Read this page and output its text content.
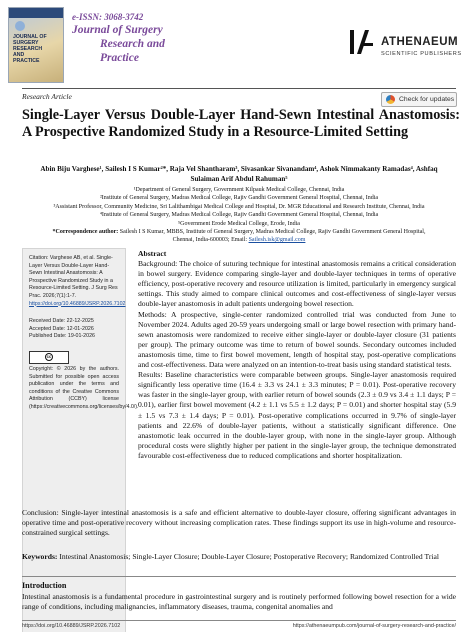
JOURNAL OF
SURGERY
RESEARCH
AND
PRACTICE
e-ISSN: 3068-3742
Journal of Surgery
Research and
Practice
ATHENAEUM
SCIENTIFIC PUBLISHERS
Research Article	Check for updates
Single-Layer Versus Double-Layer Hand-Sewn Intestinal Anastomosis: A Prospective Randomized Study in a Resource-Limited Setting
Abin Biju Varghese¹, Sailesh I S Kumar²*, Raja Vel Shantharam³, Sivasankar Sivanandam⁴, Ashok Nimmakanty Ramadas⁴, Ashfaq
Sulaiman Arif Abdul Rahuman⁵
¹Department of General Surgery, Government Kilpauk Medical College, Chennai, India
²Institute of General Surgery, Madras Medical College, Rajiv Gandhi Government General Hospital, Chennai, India
³Assistant Professor, Community Medicine, Sri Lalithambigai Medical College and Hospital, Dr. MGR Educational and Research Institute, Chennai, India
⁴Institute of General Surgery, Madras Medical College, Rajiv Gandhi Government General Hospital, Chennai, India
⁵Government Erode Medical College, Erode, India
*Correspondence author: Sailesh I S Kumar, MBBS, Institute of General Surgery, Madras Medical College, Rajiv Gandhi Government General Hospital,
Chennai, India-600003; Email: Sailesh.isk@gmail.com
Citation: Varghese AB, et al. Single-Layer Versus Double-Layer Hand-Sewn Intestinal Anastomosis: A Prospective Randomized Study in a Resource-Limited Setting. J Surg Res Prac. 2026;7(1):1-7.
https://doi.org/10.46889/JSRP.2026.7102
Received Date: 22-12-2025
Accepted Date: 12-01-2026
Published Date: 19-01-2026
cc
Copyright: © 2026 by the authors. Submitted for possible open access publication under the terms and conditions of the Creative Commons Attribution (CCBY) license (https://creativecommons.org/licenses/by/4.0/).

Abstract

Background: The choice of suturing technique for intestinal anastomosis remains a critical consideration in bowel surgery. Evidence comparing single-layer and double-layer techniques in terms of operative efficiency, post-operative recovery and resource utilization is limited, particularly in emergency surgical settings. This study aimed to compare clinical outcomes and cost-effectiveness of single-layer versus double-layer anastomosis in adult patients undergoing bowel resection.

Methods: A prospective, single-center randomized controlled trial was conducted from June to November 2024. Adults aged 20-59 years undergoing small or large bowel resection with primary hand-sewn anastomosis were randomized to receive either single-layer or double-layer closure (31 patients per group). The primary outcome was time to return of bowel sounds. Secondary outcomes included anastomosis time, time to first bowel movement, length of hospital stay, post-operative complications and cost-effectiveness. Data were analyzed on an intention-to-treat basis using standard statistical tests.

Results: Baseline characteristics were comparable between groups. Single-layer anastomosis required significantly less operative time (16.4 ± 3.3 vs 24.1 ± 3.3 minutes; P = 0.01). Post-operative recovery was faster in the single-layer group, with earlier return of bowel sounds (2.3 ± 0.9 vs 3.4 ± 1.1 days; P = 0.01), earlier first bowel movement (4.2 ± 1.1 vs 5.5 ± 1.2 days; P = 0.01) and shorter hospital stay (5.9 ± 1.5 vs 7.3 ± 1.4 days; P = 0.01). Post-operative complications occurred in 9.7% of single-layer patients and 22.6% of double-layer patients, without a statistically significant difference. One anastomotic leak occurred in the double-layer group, with none in the single-layer group. Although procedural costs were slightly higher per patient in the single-layer group, the technique demonstrated favourable cost-effectiveness due to reduced complications and shorter hospitalization.

Conclusion: Single-layer intestinal anastomosis is a safe and efficient alternative to double-layer closure, offering significant advantages in operative time and post-operative recovery without increasing complication rates. These findings support its use in high-volume and resource-constrained surgical settings.
Keywords: Intestinal Anastomosis; Single-Layer Closure; Double-Layer Closure; Postoperative Recovery; Randomized Controlled Trial
Introduction
Intestinal anastomosis is a fundamental procedure in gastrointestinal surgery and is routinely performed following bowel resection for a wide range of conditions, including malignancies, inflammatory diseases, trauma, congenital anomalies and
https://doi.org/10.46889/JSRP.2026.7102	https://athenaeumpub.com/journal-of-surgery-research-and-practice/
